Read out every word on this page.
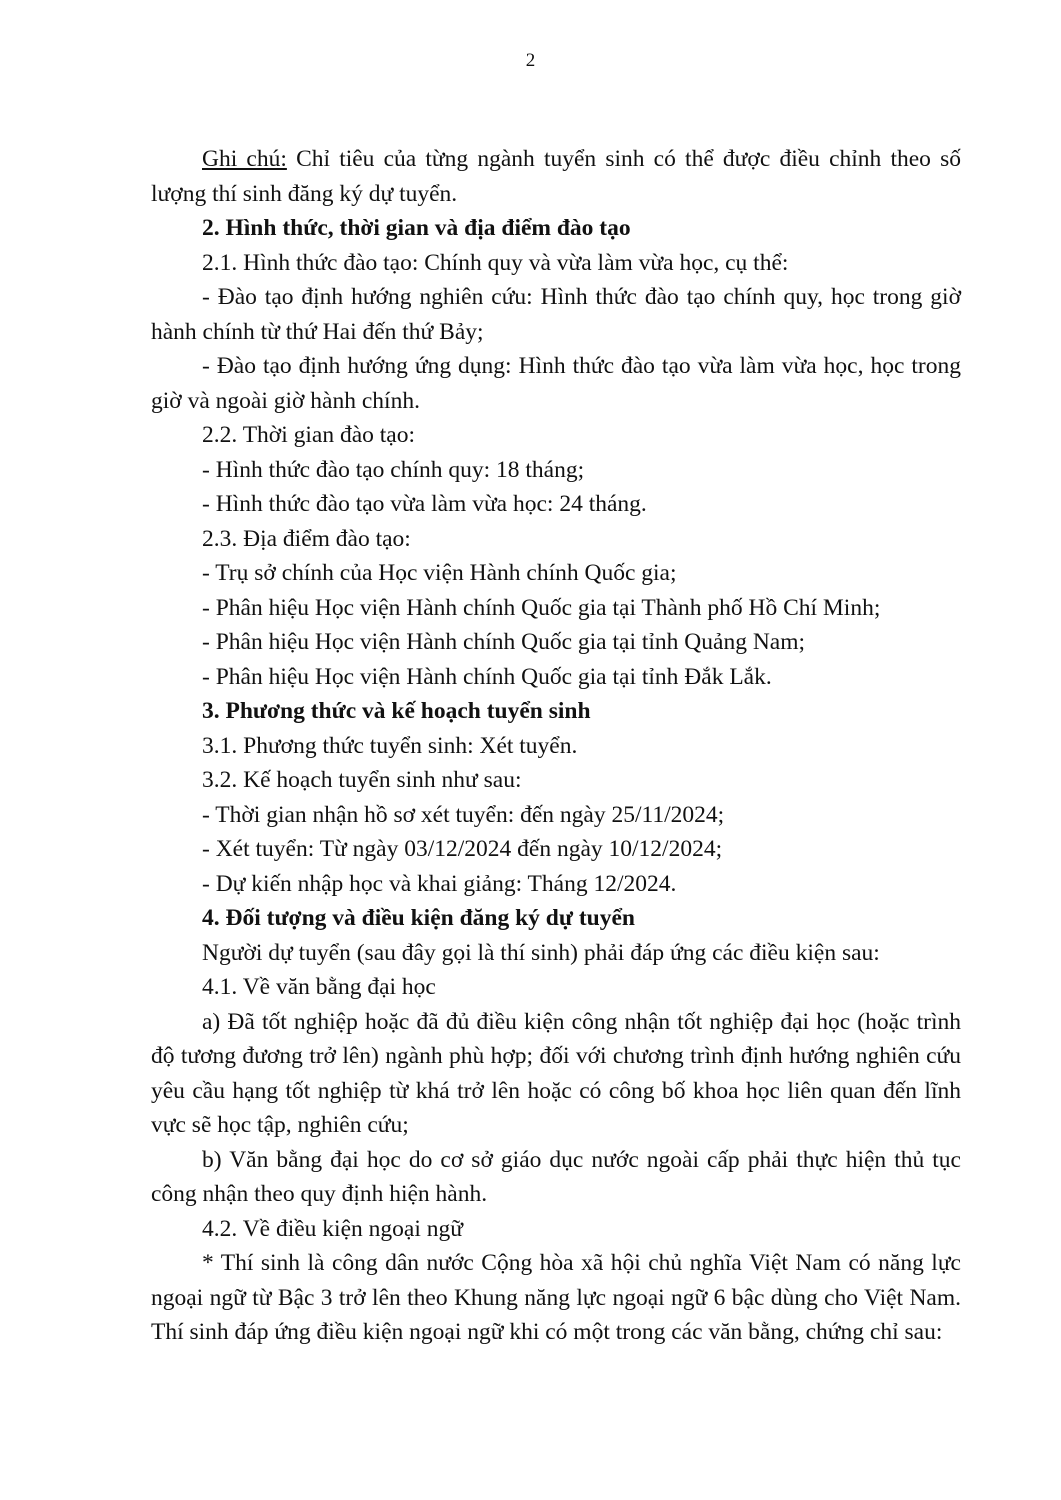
2

Ghi chú: Chỉ tiêu của từng ngành tuyển sinh có thể được điều chỉnh theo số lượng thí sinh đăng ký dự tuyển.

2. Hình thức, thời gian và địa điểm đào tạo

2.1. Hình thức đào tạo: Chính quy và vừa làm vừa học, cụ thể:

- Đào tạo định hướng nghiên cứu: Hình thức đào tạo chính quy, học trong giờ hành chính từ thứ Hai đến thứ Bảy;

- Đào tạo định hướng ứng dụng: Hình thức đào tạo vừa làm vừa học, học trong giờ và ngoài giờ hành chính.

2.2. Thời gian đào tạo:

- Hình thức đào tạo chính quy: 18 tháng;

- Hình thức đào tạo vừa làm vừa học: 24 tháng.

2.3. Địa điểm đào tạo:

- Trụ sở chính của Học viện Hành chính Quốc gia;

- Phân hiệu Học viện Hành chính Quốc gia tại Thành phố Hồ Chí Minh;

- Phân hiệu Học viện Hành chính Quốc gia tại tỉnh Quảng Nam;

- Phân hiệu Học viện Hành chính Quốc gia tại tỉnh Đắk Lắk.

3. Phương thức và kế hoạch tuyển sinh

3.1. Phương thức tuyển sinh: Xét tuyển.

3.2. Kế hoạch tuyển sinh như sau:

- Thời gian nhận hồ sơ xét tuyển: đến ngày 25/11/2024;

- Xét tuyển: Từ ngày 03/12/2024 đến ngày 10/12/2024;

- Dự kiến nhập học và khai giảng: Tháng 12/2024.

4. Đối tượng và điều kiện đăng ký dự tuyển

Người dự tuyển (sau đây gọi là thí sinh) phải đáp ứng các điều kiện sau:

4.1. Về văn bằng đại học

a) Đã tốt nghiệp hoặc đã đủ điều kiện công nhận tốt nghiệp đại học (hoặc trình độ tương đương trở lên) ngành phù hợp; đối với chương trình định hướng nghiên cứu yêu cầu hạng tốt nghiệp từ khá trở lên hoặc có công bố khoa học liên quan đến lĩnh vực sẽ học tập, nghiên cứu;

b) Văn bằng đại học do cơ sở giáo dục nước ngoài cấp phải thực hiện thủ tục công nhận theo quy định hiện hành.

4.2. Về điều kiện ngoại ngữ

* Thí sinh là công dân nước Cộng hòa xã hội chủ nghĩa Việt Nam có năng lực ngoại ngữ từ Bậc 3 trở lên theo Khung năng lực ngoại ngữ 6 bậc dùng cho Việt Nam. Thí sinh đáp ứng điều kiện ngoại ngữ khi có một trong các văn bằng, chứng chỉ sau:
